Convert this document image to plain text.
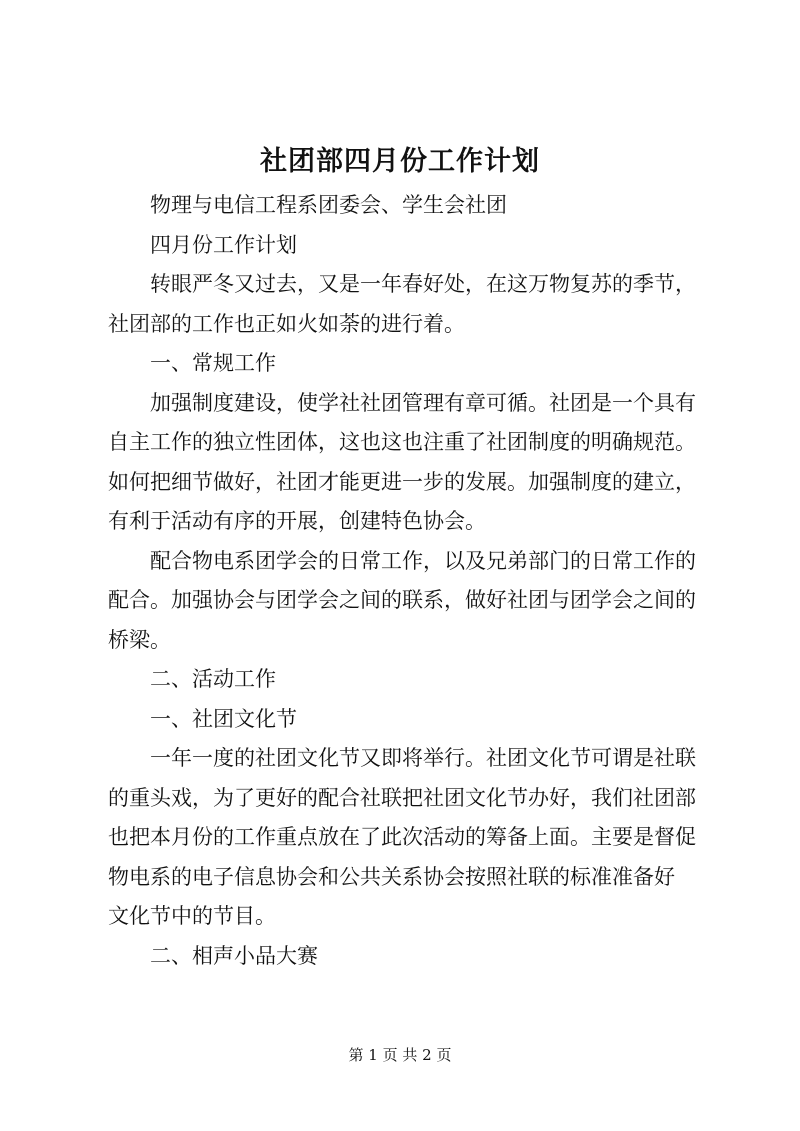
社团部四月份工作计划
物理与电信工程系团委会、学生会社团
四月份工作计划
转眼严冬又过去，又是一年春好处，在这万物复苏的季节，
社团部的工作也正如火如荼的进行着。
一、常规工作
加强制度建设，使学社社团管理有章可循。社团是一个具有
自主工作的独立性团体，这也这也注重了社团制度的明确规范。
如何把细节做好，社团才能更进一步的发展。加强制度的建立，
有利于活动有序的开展，创建特色协会。
配合物电系团学会的日常工作，以及兄弟部门的日常工作的
配合。加强协会与团学会之间的联系，做好社团与团学会之间的
桥梁。
二、活动工作
一、社团文化节
一年一度的社团文化节又即将举行。社团文化节可谓是社联
的重头戏，为了更好的配合社联把社团文化节办好，我们社团部
也把本月份的工作重点放在了此次活动的筹备上面。主要是督促
物电系的电子信息协会和公共关系协会按照社联的标准准备好
文化节中的节目。
二、相声小品大赛
第 1 页 共 2 页
